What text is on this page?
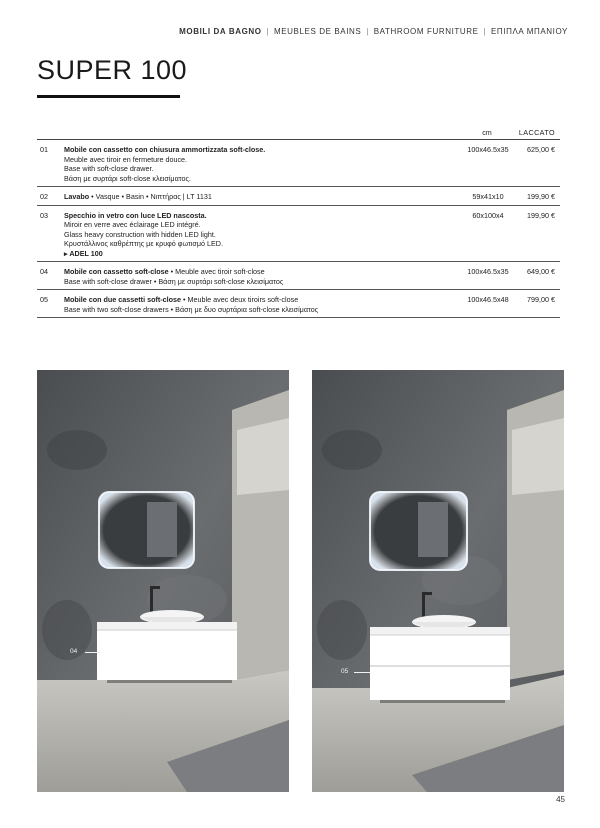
MOBILI DA BAGNO | MEUBLES DE BAINS | BATHROOM FURNITURE | ΕΠΙΠΛΑ ΜΠΑΝΙΟΥ
SUPER 100
cm	LACCATO
01 Mobile con cassetto con chiusura ammortizzata soft-close.
Meuble avec tiroir en fermeture douce.
Base with soft-close drawer.
Βάση με συρτάρι soft-close κλεισίματος.
100x46.5x35	625,00 €
02 Lavabo • Vasque • Basin • Νιπτήρας | LT 1131	59x41x10	199,90 €
03 Specchio in vetro con luce LED nascosta.
Miroir en verre avec éclairage LED intégré.
Glass heavy construction with hidden LED light.
Κρυστάλλινος καθρέπτης με κρυφό φωτισμό LED.
▸ ADEL 100
60x100x4	199,90 €
04 Mobile con cassetto soft-close • Meuble avec tiroir soft-close
Base with soft-close drawer • Βάση με συρτάρι soft-close κλεισίματος
100x46.5x35	649,00 €
05 Mobile con due cassetti soft-close • Meuble avec deux tiroirs soft-close
Base with two soft-close drawers • Βάση με δυο συρτάρια soft-close κλεισίματος
100x46.5x48	799,00 €
04
05
45
